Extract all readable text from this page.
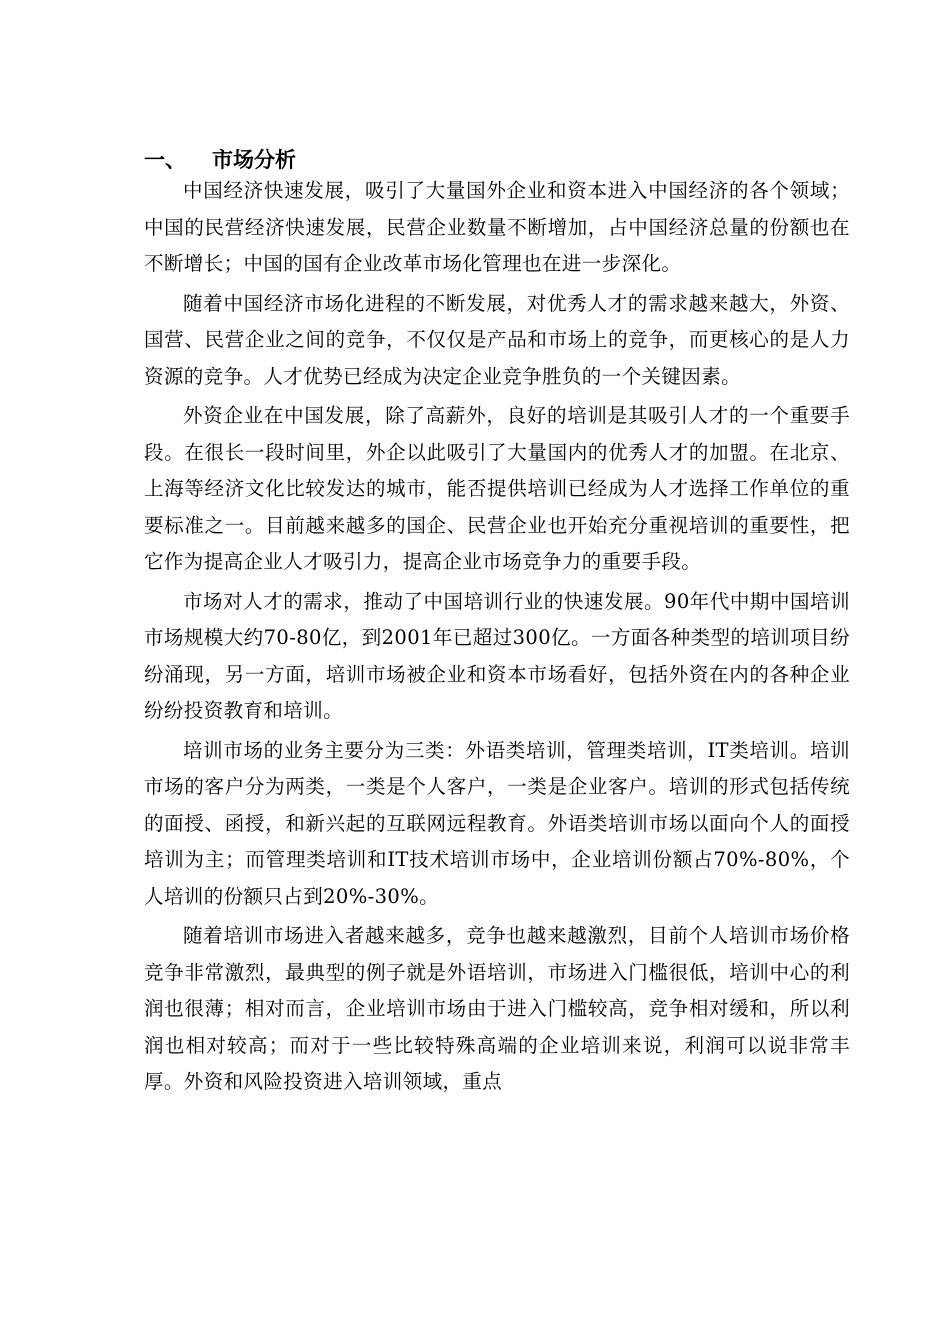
一、 市场分析

中国经济快速发展，吸引了大量国外企业和资本进入中国经济的各个领域；中国的民营经济快速发展，民营企业数量不断增加，占中国经济总量的份额也在不断增长；中国的国有企业改革市场化管理也在进一步深化。

随着中国经济市场化进程的不断发展，对优秀人才的需求越来越大，外资、国营、民营企业之间的竞争，不仅仅是产品和市场上的竞争，而更核心的是人力资源的竞争。人才优势已经成为决定企业竞争胜负的一个关键因素。

外资企业在中国发展，除了高薪外，良好的培训是其吸引人才的一个重要手段。在很长一段时间里，外企以此吸引了大量国内的优秀人才的加盟。在北京、上海等经济文化比较发达的城市，能否提供培训已经成为人才选择工作单位的重要标准之一。目前越来越多的国企、民营企业也开始充分重视培训的重要性，把它作为提高企业人才吸引力，提高企业市场竞争力的重要手段。

市场对人才的需求，推动了中国培训行业的快速发展。90年代中期中国培训市场规模大约70-80亿，到2001年已超过300亿。一方面各种类型的培训项目纷纷涌现，另一方面，培训市场被企业和资本市场看好，包括外资在内的各种企业纷纷投资教育和培训。

培训市场的业务主要分为三类：外语类培训，管理类培训，IT类培训。培训市场的客户分为两类，一类是个人客户，一类是企业客户。培训的形式包括传统的面授、函授，和新兴起的互联网远程教育。外语类培训市场以面向个人的面授培训为主；而管理类培训和IT技术培训市场中，企业培训份额占70%-80%，个人培训的份额只占到20%-30%。

随着培训市场进入者越来越多，竞争也越来越激烈，目前个人培训市场价格竞争非常激烈，最典型的例子就是外语培训，市场进入门槛很低，培训中心的利润也很薄；相对而言，企业培训市场由于进入门槛较高，竞争相对缓和，所以利润也相对较高；而对于一些比较特殊高端的企业培训来说，利润可以说非常丰厚。外资和风险投资进入培训领域，重点
